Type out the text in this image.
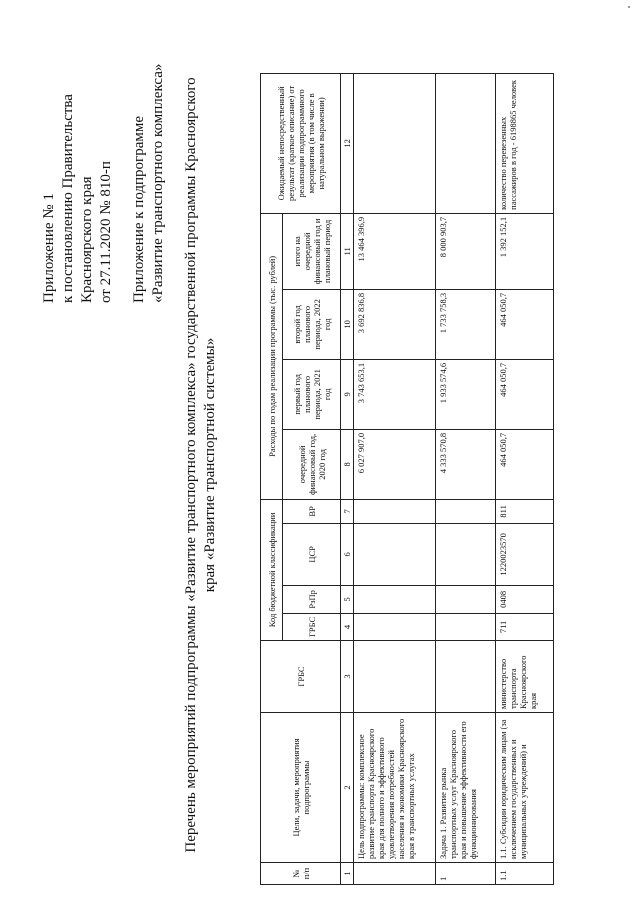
Приложение № 1 к постановлению Правительства Красноярского края от 27.11.2020 № 810-п Приложение к подпрограмме «Развитие транспортного комплекса» Перечень мероприятий подпрограммы «Развитие транспортного комплекса» государственной программы Красноярского края «Развитие транспортной системы»
№ п/п	Цели, задачи, мероприятия подпрограммы	ГРБС	Код бюджетной классификации				Расходы по годам реализации программы (тыс. рублей)				Ожидаемый непосредственный результат (краткое описание) от реализации подпрограммного мероприятия (в том числе в натуральном выражении)
			ГРБС	РзПр	ЦСР	ВР	очередной финансовый год, 2020 год	первый год планового периода, 2021 год	второй год планового периода, 2022 год	итого на очередной финансовый год и плановый период	

1	2	3	4	5	6	7	8	9	10	11	12
	Цель подпрограммы: комплексное развитие транспорта Красноярского края для полного и эффективного удовлетворения потребностей населения и экономики Красноярского края в транспортных услугах						6 027 907,0	3 743 653,1	3 692 836,8	13 464 396,9	
1	Задача 1. Развитие рынка транспортных услуг Красноярского края и повышение эффективности его функционирования						4 333 570,8	1 933 574,6	1 733 758,3	8 000 903,7	
1.1	1.1. Субсидии юридическим лицам (за исключением государственных и муниципальных учреждений) и	министерство транспорта Красноярского края	711	0408	1220023570	811	464 050,7	464 050,7	464 050,7	1 392 152,1	количество перевезенных пассажиров в год - 6198865 человек
